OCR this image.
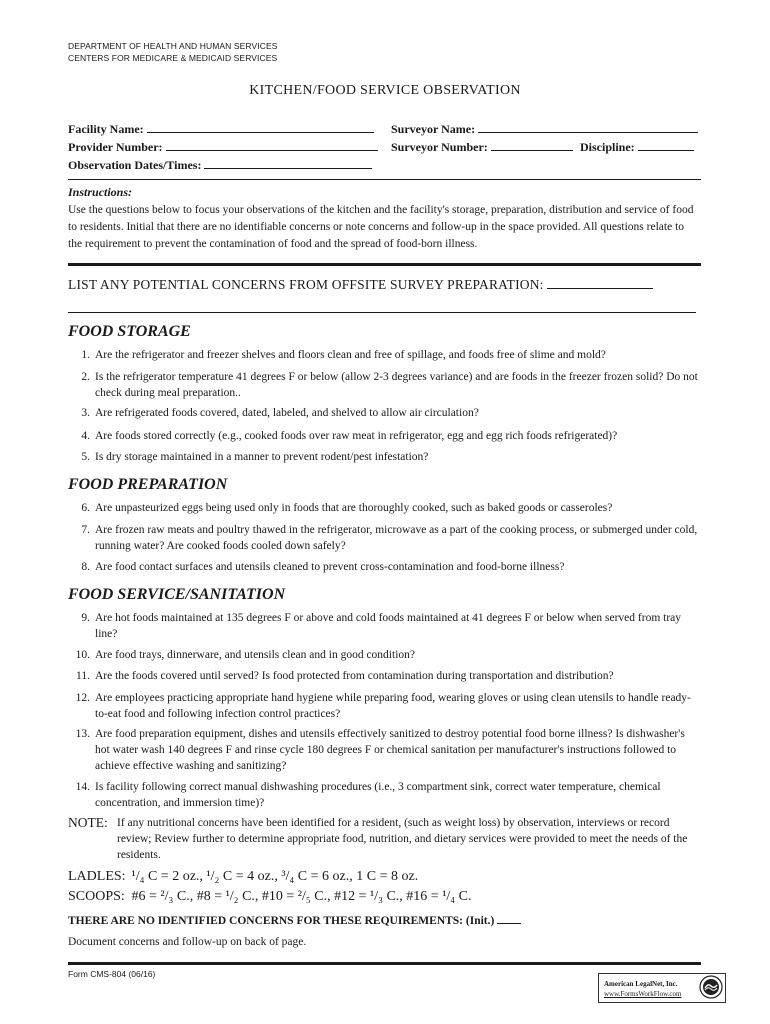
DEPARTMENT OF HEALTH AND HUMAN SERVICES
CENTERS FOR MEDICARE & MEDICAID SERVICES
KITCHEN/FOOD SERVICE OBSERVATION
Facility Name:
Provider Number:
Observation Dates/Times:
Surveyor Name:
Surveyor Number:	Discipline:
Instructions:
Use the questions below to focus your observations of the kitchen and the facility's storage, preparation, distribution and service of food to residents. Initial that there are no identifiable concerns or note concerns and follow-up in the space provided. All questions relate to the requirement to prevent the contamination of food and the spread of food-born illness.
LIST ANY POTENTIAL CONCERNS FROM OFFSITE SURVEY PREPARATION:
FOOD STORAGE
1. Are the refrigerator and freezer shelves and floors clean and free of spillage, and foods free of slime and mold?
2. Is the refrigerator temperature 41 degrees F or below (allow 2-3 degrees variance) and are foods in the freezer frozen solid? Do not check during meal preparation..
3. Are refrigerated foods covered, dated, labeled, and shelved to allow air circulation?
4. Are foods stored correctly (e.g., cooked foods over raw meat in refrigerator, egg and egg rich foods refrigerated)?
5. Is dry storage maintained in a manner to prevent rodent/pest infestation?
FOOD PREPARATION
6. Are unpasteurized eggs being used only in foods that are thoroughly cooked, such as baked goods or casseroles?
7. Are frozen raw meats and poultry thawed in the refrigerator, microwave as a part of the cooking process, or submerged under cold, running water? Are cooked foods cooled down safely?
8. Are food contact surfaces and utensils cleaned to prevent cross-contamination and food-borne illness?
FOOD SERVICE/SANITATION
9. Are hot foods maintained at 135 degrees F or above and cold foods maintained at 41 degrees F or below when served from tray line?
10. Are food trays, dinnerware, and utensils clean and in good condition?
11. Are the foods covered until served? Is food protected from contamination during transportation and distribution?
12. Are employees practicing appropriate hand hygiene while preparing food, wearing gloves or using clean utensils to handle ready-to-eat food and following infection control practices?
13. Are food preparation equipment, dishes and utensils effectively sanitized to destroy potential food borne illness? Is dishwasher's hot water wash 140 degrees F and rinse cycle 180 degrees F or chemical sanitation per manufacturer's instructions followed to achieve effective washing and sanitizing?
14. Is facility following correct manual dishwashing procedures (i.e., 3 compartment sink, correct water temperature, chemical concentration, and immersion time)?
NOTE: If any nutritional concerns have been identified for a resident, (such as weight loss) by observation, interviews or record review; Review further to determine appropriate food, nutrition, and dietary services were provided to meet the needs of the residents.
LADLES: ¹/₄ C = 2 oz., ¹/₂ C = 4 oz., ³/₄ C = 6 oz., 1 C = 8 oz.
SCOOPS: #6 = ²/₃ C., #8 = ¹/₂ C., #10 = ²/₅ C., #12 = ¹/₃ C., #16 = ¹/₄ C.
THERE ARE NO IDENTIFIED CONCERNS FOR THESE REQUIREMENTS: (Init.)
Document concerns and follow-up on back of page.
Form CMS-804 (06/16)
American LegalNet, Inc.
www.FormsWorkFlow.com
